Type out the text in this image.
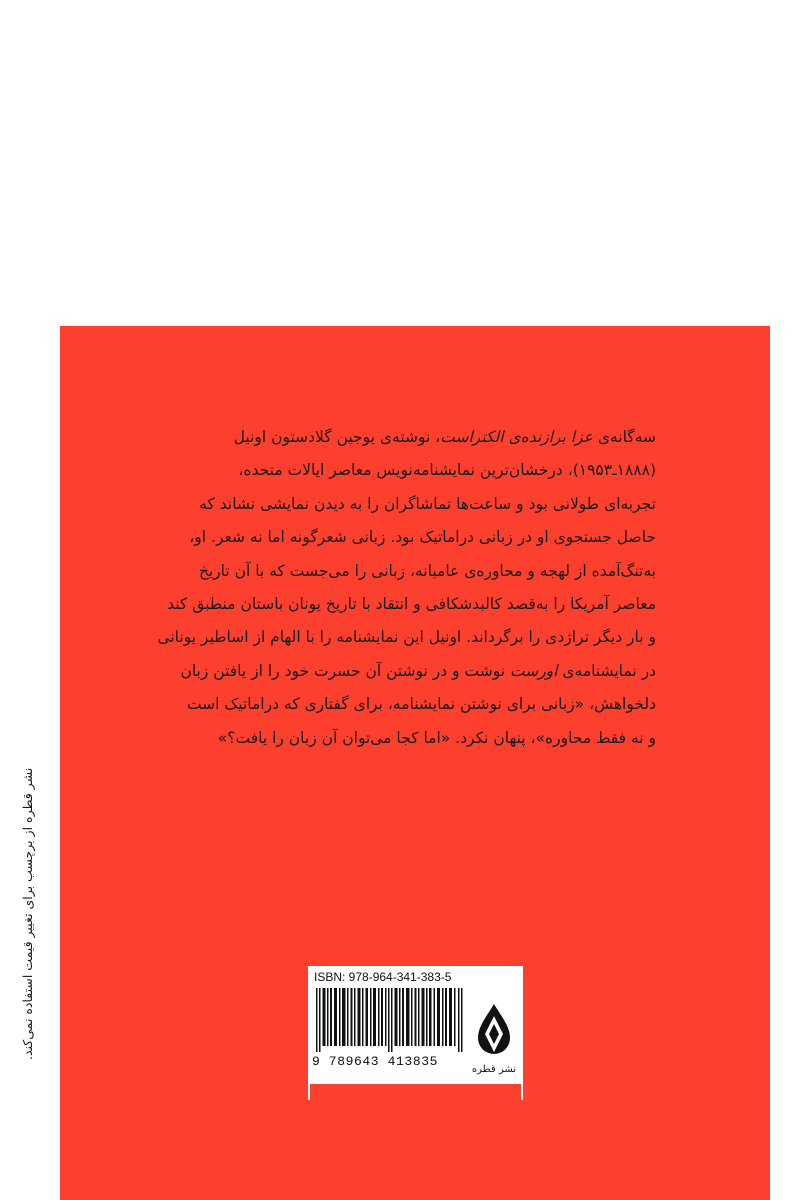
سه‌گانه‌ی عزا برازنده‌ی الکتراست، نوشته‌ی یوجین گلادستون اونیل
(۱۸۸۸ـ۱۹۵۳)، درخشان‌ترین نمایشنامه‌نویس معاصر ایالات متحده،
تجربه‌ای طولانی بود و ساعت‌ها تماشاگران را به دیدن نمایشی نشاند که
حاصل جستجوی او در زبانی دراماتیک بود. زبانی شعرگونه اما نه شعر. او،
به‌تنگ‌آمده از لهجه و محاوره‌ی عامیانه، زبانی را می‌جست که با آن تاریخ
معاصر آمریکا را به‌قصد کالبدشکافی و انتقاد با تاریخ یونان باستان منطبق کند
و بار دیگر تراژدی را برگرداند. اونیل این نمایشنامه را با الهام از اساطیر یونانی
در نمایشنامه‌ی اورست نوشت و در نوشتن آن حسرت خود را از یافتن زبان
دلخواهش، «زبانی برای نوشتن نمایشنامه، برای گفتاری که دراماتیک است
و نه فقط محاوره»، پنهان نکرد. «اما کجا می‌توان آن زبان را یافت؟»
نشر قطره از برچسب برای تغییر قیمت استفاده نمی‌کند.	ISBN: 978-964-341-383-5
9 789643 413835
نشر قطره
